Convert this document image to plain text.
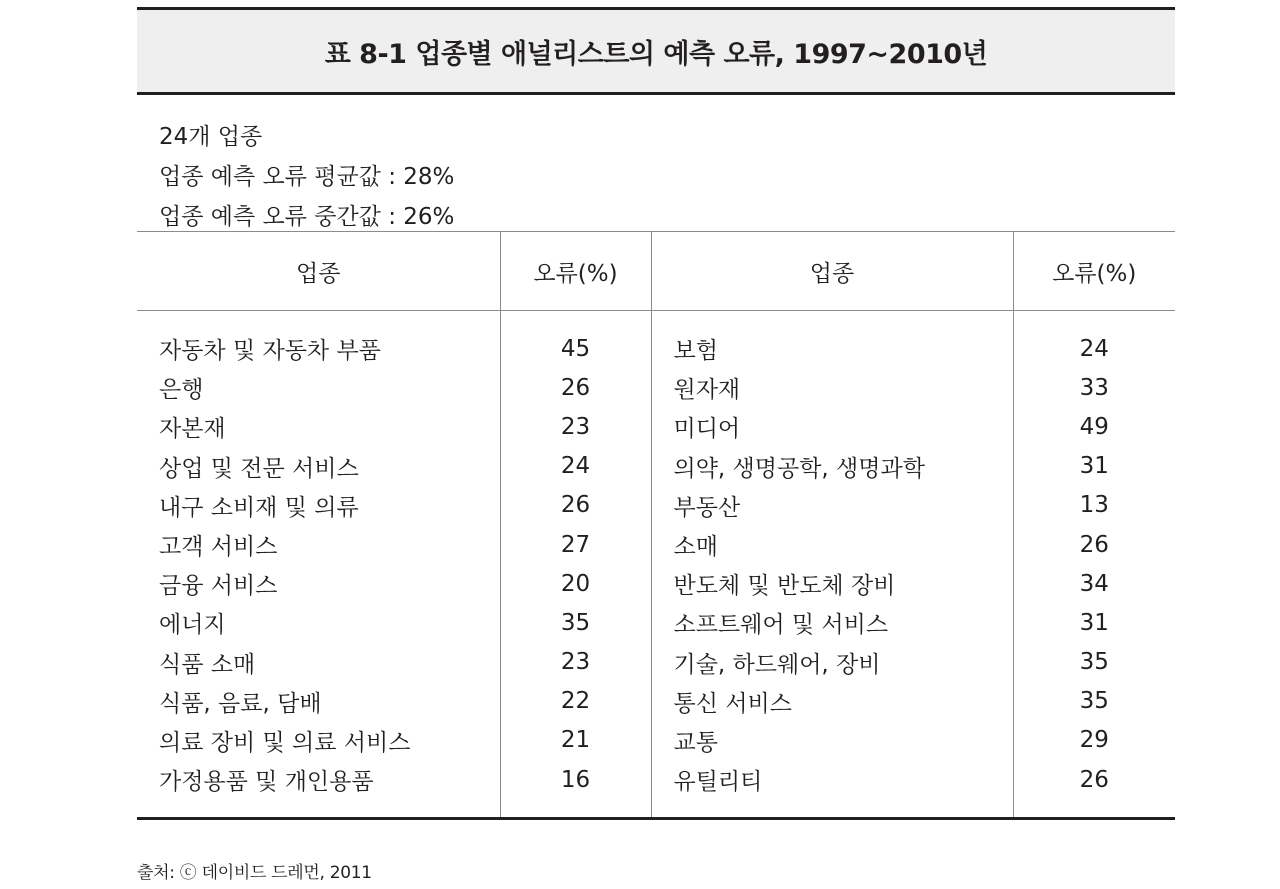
표 8-1 업종별 애널리스트의 예측 오류, 1997~2010년
24개 업종
업종 예측 오류 평균값 : 28%
업종 예측 오류 중간값 : 26%
업종	오류(%)	업종	오류(%)
자동차 및 자동차 부품	45	보험	24
은행	26	원자재	33
자본재	23	미디어	49
상업 및 전문 서비스	24	의약, 생명공학, 생명과학	31
내구 소비재 및 의류	26	부동산	13
고객 서비스	27	소매	26
금융 서비스	20	반도체 및 반도체 장비	34
에너지	35	소프트웨어 및 서비스	31
식품 소매	23	기술, 하드웨어, 장비	35
식품, 음료, 담배	22	통신 서비스	35
의료 장비 및 의료 서비스	21	교통	29
가정용품 및 개인용품	16	유틸리티	26
출처: ⓒ 데이비드 드레먼, 2011
